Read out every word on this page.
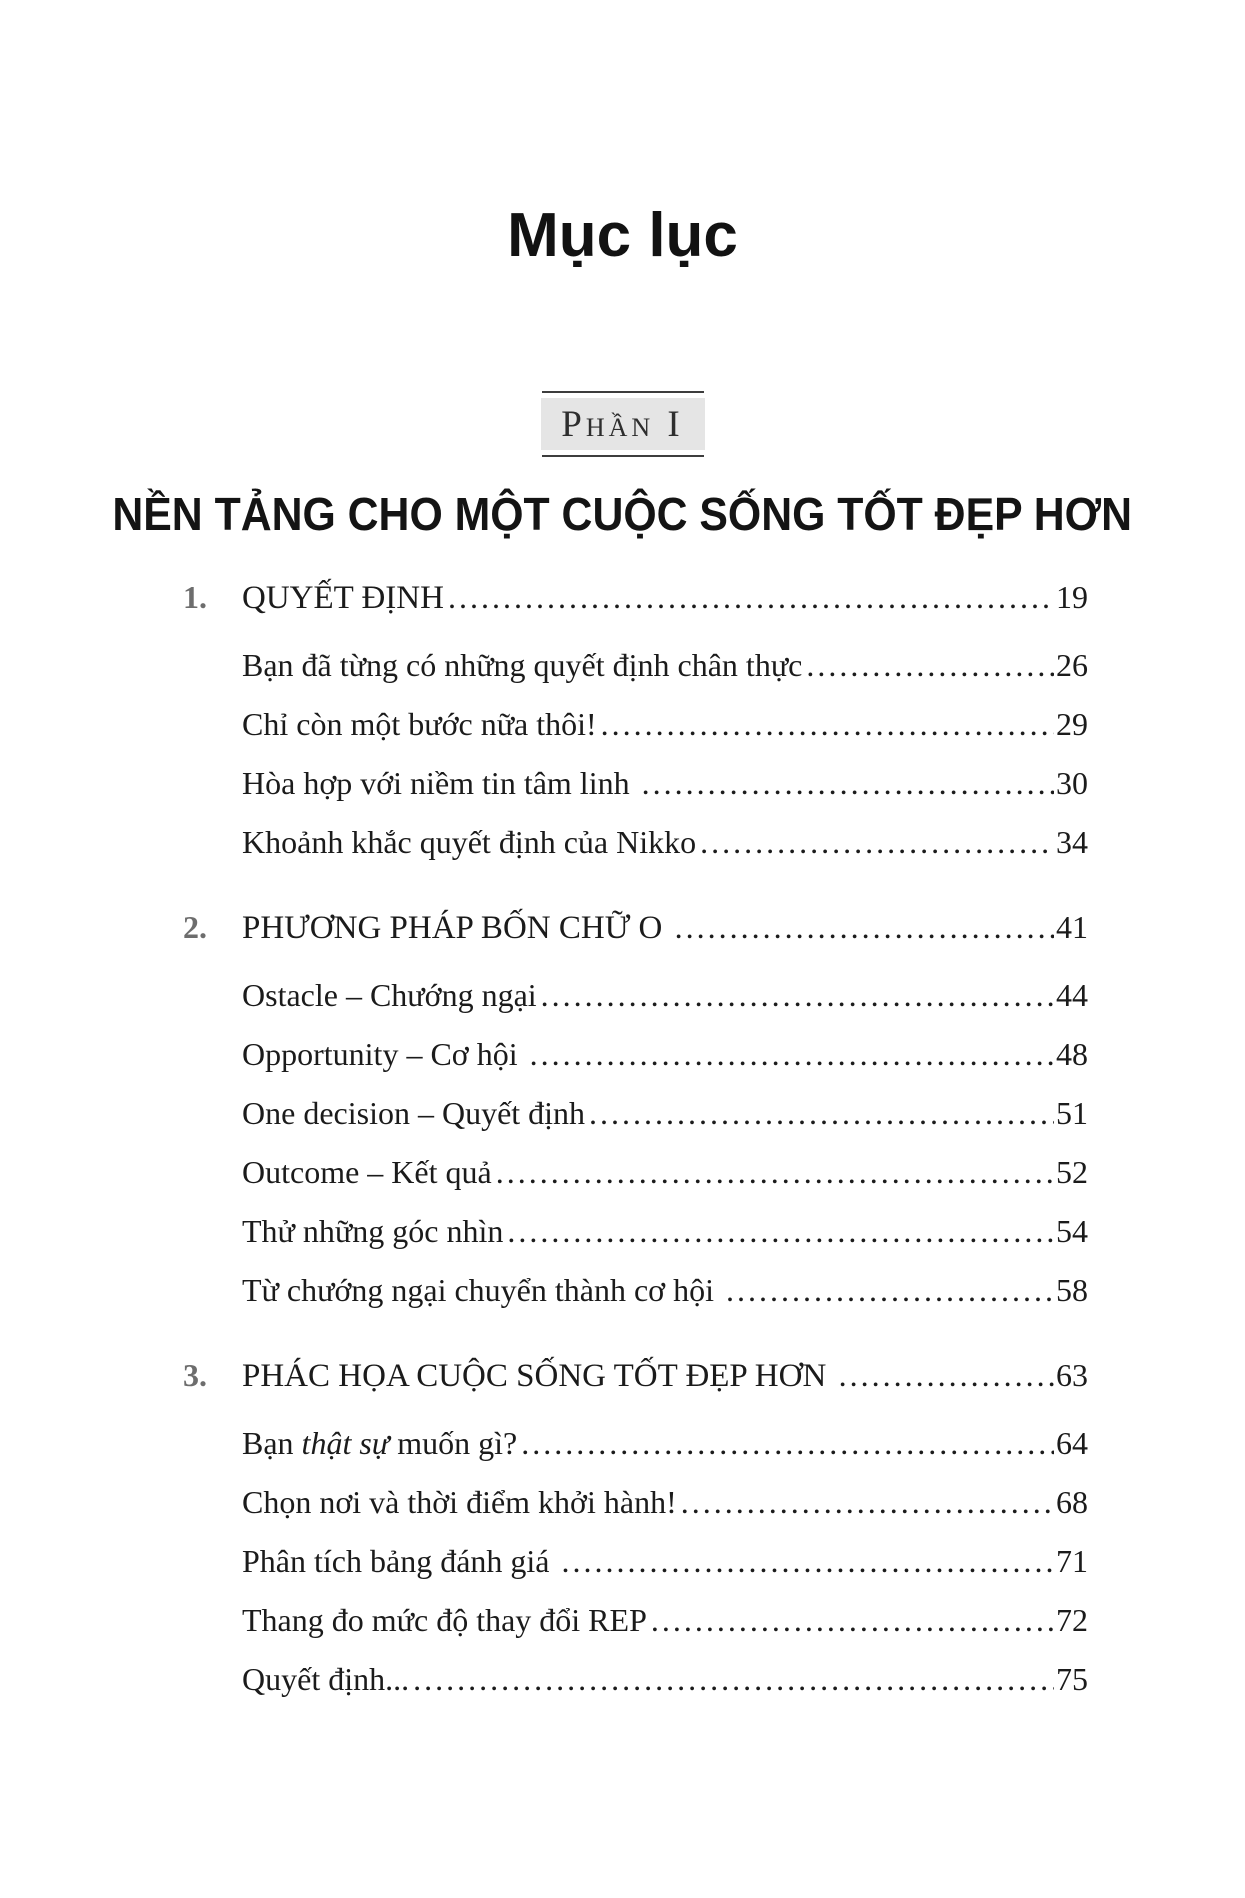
Mục lục
Phần I
NỀN TẢNG CHO MỘT CUỘC SỐNG TỐT ĐẸP HƠN
1.	QUYẾT ĐỊNH .....	19
Bạn đã từng có những quyết định chân thực .....	26
Chỉ còn một bước nữa thôi! .....	29
Hòa hợp với niềm tin tâm linh .....	30
Khoảnh khắc quyết định của Nikko .....	34
2.	PHƯƠNG PHÁP BỐN CHỮ O .....	41
Ostacle – Chướng ngại .....	44
Opportunity – Cơ hội .....	48
One decision – Quyết định .....	51
Outcome – Kết quả .....	52
Thử những góc nhìn .....	54
Từ chướng ngại chuyển thành cơ hội .....	58
3.	PHÁC HỌA CUỘC SỐNG TỐT ĐẸP HƠN .....	63
Bạn thật sự muốn gì? .....	64
Chọn nơi và thời điểm khởi hành! .....	68
Phân tích bảng đánh giá .....	71
Thang đo mức độ thay đổi REP .....	72
Quyết định... .....	75
